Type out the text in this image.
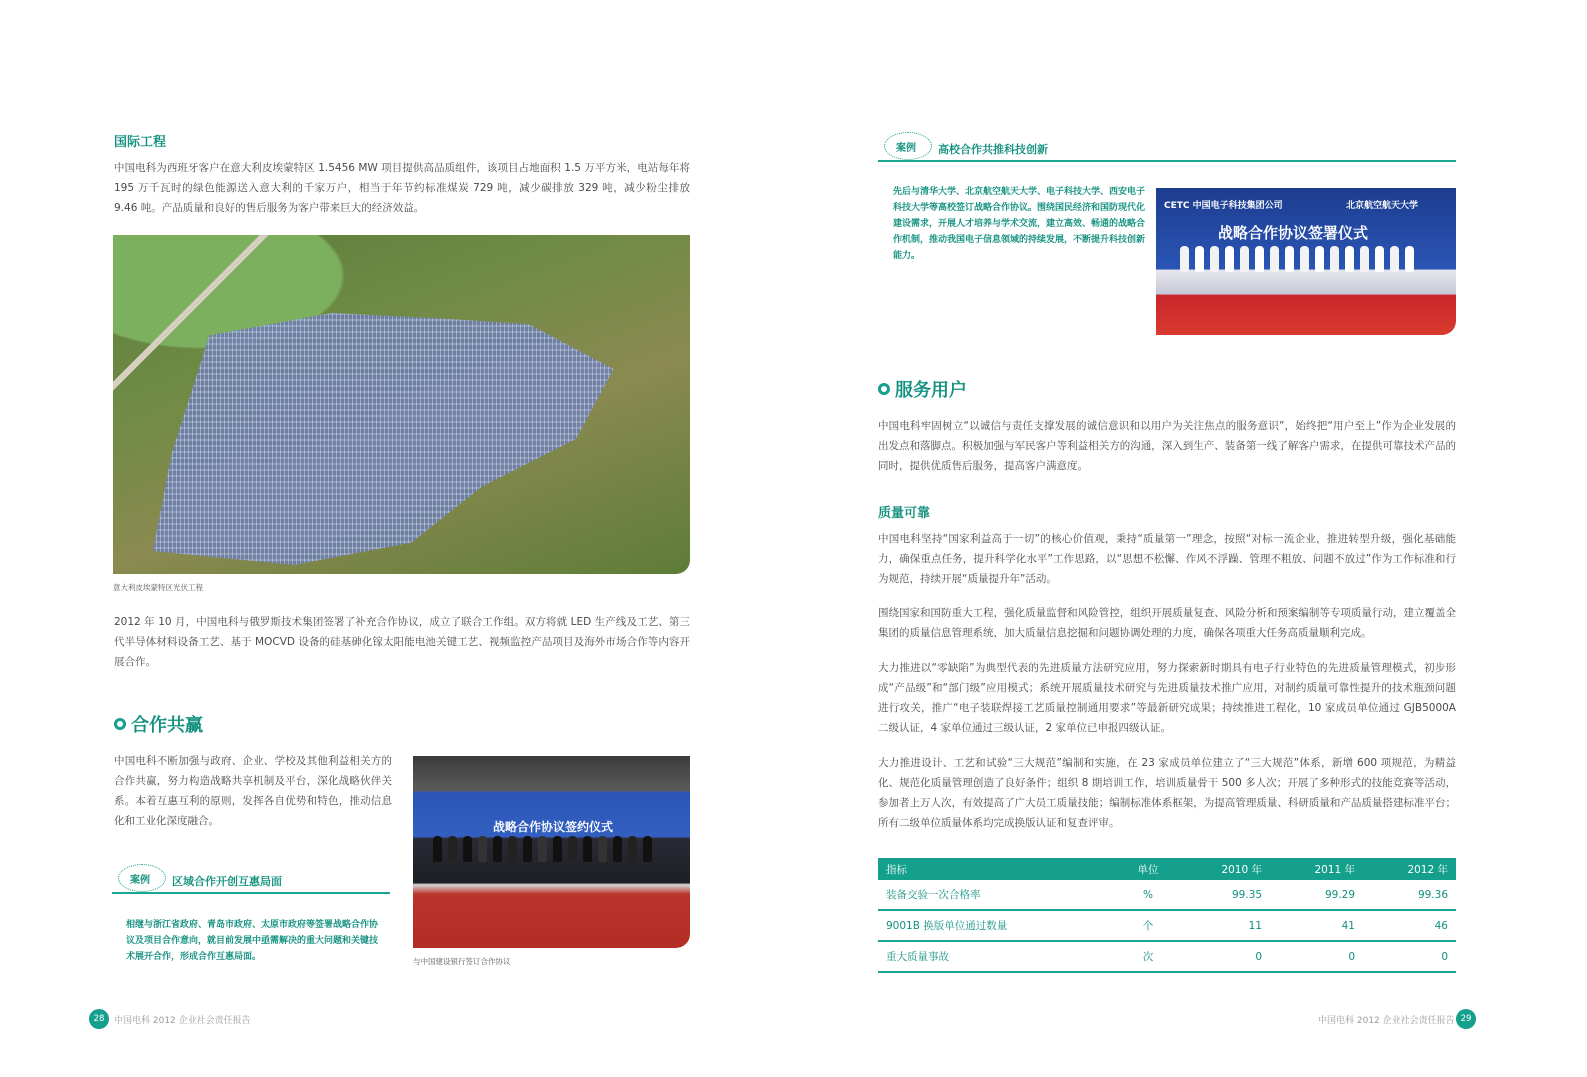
国际工程
中国电科为西班牙客户在意大利皮埃蒙特区 1.5456 MW 项目提供高品质组件，该项目占地面积 1.5 万平方米，电站每年将 195 万千瓦时的绿色能源送入意大利的千家万户，相当于年节约标准煤炭 729 吨，减少碳排放 329 吨，减少粉尘排放 9.46 吨。产品质量和良好的售后服务为客户带来巨大的经济效益。
意大利皮埃蒙特区光伏工程
2012 年 10 月，中国电科与俄罗斯技术集团签署了补充合作协议，成立了联合工作组。双方将就 LED 生产线及工艺、第三代半导体材料设备工艺、基于 MOCVD 设备的硅基砷化镓太阳能电池关键工艺、视频监控产品项目及海外市场合作等内容开展合作。
合作共赢
中国电科不断加强与政府、企业、学校及其他利益相关方的合作共赢，努力构造战略共享机制及平台，深化战略伙伴关系。本着互惠互利的原则，发挥各自优势和特色，推动信息化和工业化深度融合。
案例 区域合作开创互惠局面
相继与浙江省政府、青岛市政府、太原市政府等签署战略合作协议及项目合作意向，就目前发展中亟需解决的重大问题和关键技术展开合作，形成合作互惠局面。
战略合作协议签约仪式
与中国建设银行签订合作协议
28	中国电科 2012 企业社会责任报告
案例 高校合作共推科技创新
先后与清华大学、北京航空航天大学、电子科技大学、西安电子科技大学等高校签订战略合作协议。围绕国民经济和国防现代化建设需求，开展人才培养与学术交流，建立高效、畅通的战略合作机制，推动我国电子信息领域的持续发展，不断提升科技创新能力。
CETC 中国电子科技集团公司	北京航空航天大学
战略合作协议签署仪式
服务用户
中国电科牢固树立“以诚信与责任支撑发展的诚信意识和以用户为关注焦点的服务意识”，始终把“用户至上”作为企业发展的出发点和落脚点。积极加强与军民客户等利益相关方的沟通，深入到生产、装备第一线了解客户需求，在提供可靠技术产品的同时，提供优质售后服务，提高客户满意度。
质量可靠
中国电科坚持“国家利益高于一切”的核心价值观，秉持“质量第一”理念，按照“对标一流企业，推进转型升级，强化基础能力，确保重点任务，提升科学化水平”工作思路，以“思想不松懈、作风不浮躁、管理不粗放、问题不放过”作为工作标准和行为规范，持续开展“质量提升年”活动。
围绕国家和国防重大工程，强化质量监督和风险管控，组织开展质量复查、风险分析和预案编制等专项质量行动，建立覆盖全集团的质量信息管理系统，加大质量信息挖掘和问题协调处理的力度，确保各项重大任务高质量顺利完成。
大力推进以“零缺陷”为典型代表的先进质量方法研究应用，努力探索新时期具有电子行业特色的先进质量管理模式，初步形成“产品级”和“部门级”应用模式；系统开展质量技术研究与先进质量技术推广应用，对制约质量可靠性提升的技术瓶颈问题进行攻关，推广“电子装联焊接工艺质量控制通用要求”等最新研究成果；持续推进工程化，10 家成员单位通过 GJB5000A 二级认证，4 家单位通过三级认证，2 家单位已申报四级认证。
大力推进设计、工艺和试验“三大规范”编制和实施，在 23 家成员单位建立了“三大规范”体系，新增 600 项规范，为精益化、规范化质量管理创造了良好条件；组织 8 期培训工作，培训质量骨干 500 多人次；开展了多种形式的技能竞赛等活动，参加者上万人次，有效提高了广大员工质量技能；编制标准体系框架，为提高管理质量、科研质量和产品质量搭建标准平台；所有二级单位质量体系均完成换版认证和复查评审。
指标	单位	2010 年	2011 年	2012 年
装备交验一次合格率	%	99.35	99.29	99.36
9001B 换版单位通过数量	个	11	41	46
重大质量事故	次	0	0	0
中国电科 2012 企业社会责任报告 29
